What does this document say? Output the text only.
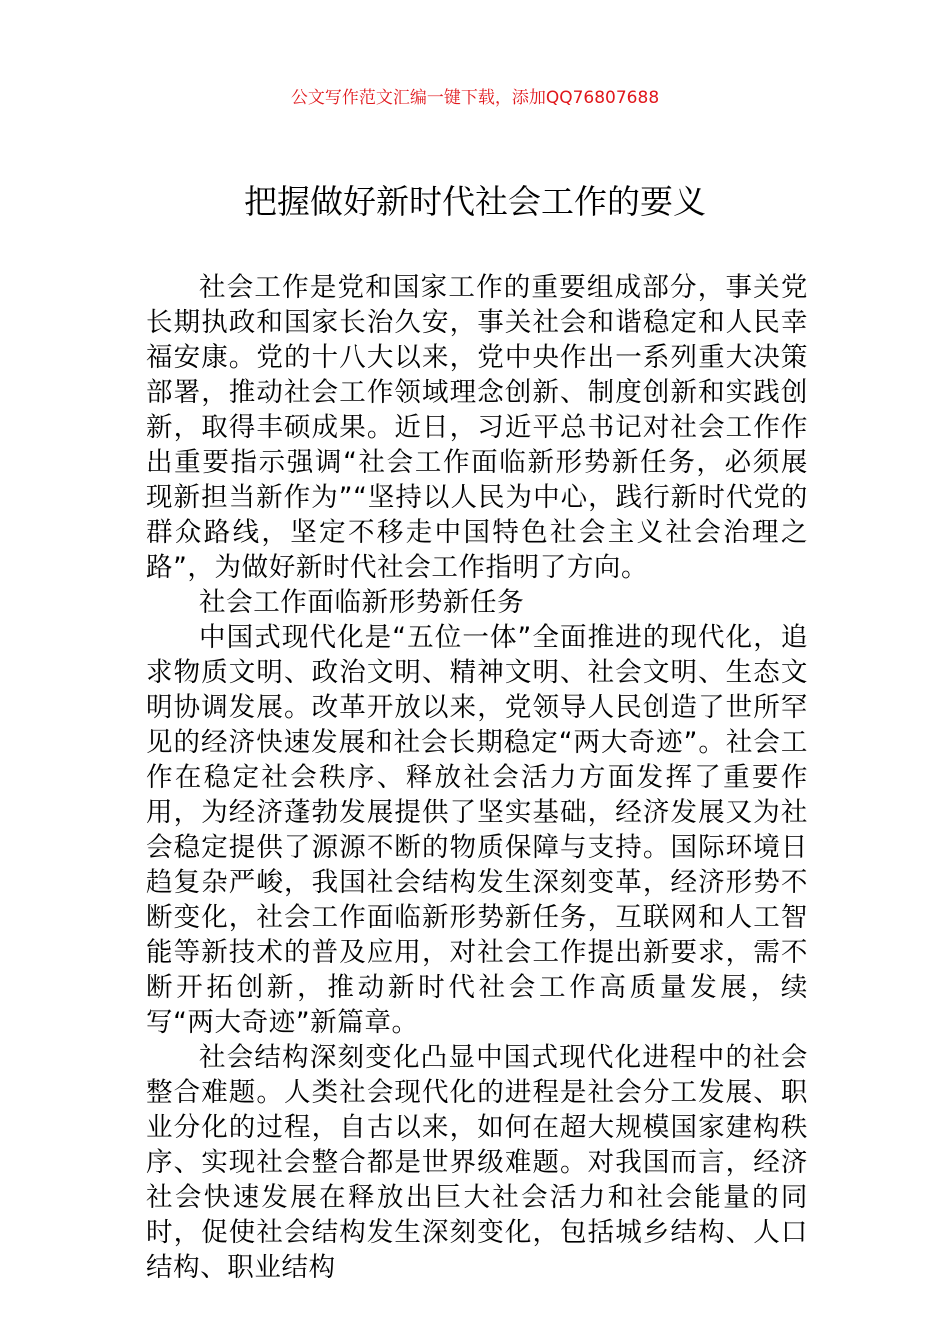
公文写作范文汇编一键下载，添加QQ76807688
把握做好新时代社会工作的要义

社会工作是党和国家工作的重要组成部分，事关党长期执政和国家长治久安，事关社会和谐稳定和人民幸福安康。党的十八大以来，党中央作出一系列重大决策部署，推动社会工作领域理念创新、制度创新和实践创新，取得丰硕成果。近日，习近平总书记对社会工作作出重要指示强调“社会工作面临新形势新任务，必须展现新担当新作为”“坚持以人民为中心，践行新时代党的群众路线，坚定不移走中国特色社会主义社会治理之路”，为做好新时代社会工作指明了方向。

社会工作面临新形势新任务

中国式现代化是“五位一体”全面推进的现代化，追求物质文明、政治文明、精神文明、社会文明、生态文明协调发展。改革开放以来，党领导人民创造了世所罕见的经济快速发展和社会长期稳定“两大奇迹”。社会工作在稳定社会秩序、释放社会活力方面发挥了重要作用，为经济蓬勃发展提供了坚实基础，经济发展又为社会稳定提供了源源不断的物质保障与支持。国际环境日趋复杂严峻，我国社会结构发生深刻变革，经济形势不断变化，社会工作面临新形势新任务，互联网和人工智能等新技术的普及应用，对社会工作提出新要求，需不断开拓创新，推动新时代社会工作高质量发展，续写“两大奇迹”新篇章。

社会结构深刻变化凸显中国式现代化进程中的社会整合难题。人类社会现代化的进程是社会分工发展、职业分化的过程，自古以来，如何在超大规模国家建构秩序、实现社会整合都是世界级难题。对我国而言，经济社会快速发展在释放出巨大社会活力和社会能量的同时，促使社会结构发生深刻变化，包括城乡结构、人口结构、职业结构
